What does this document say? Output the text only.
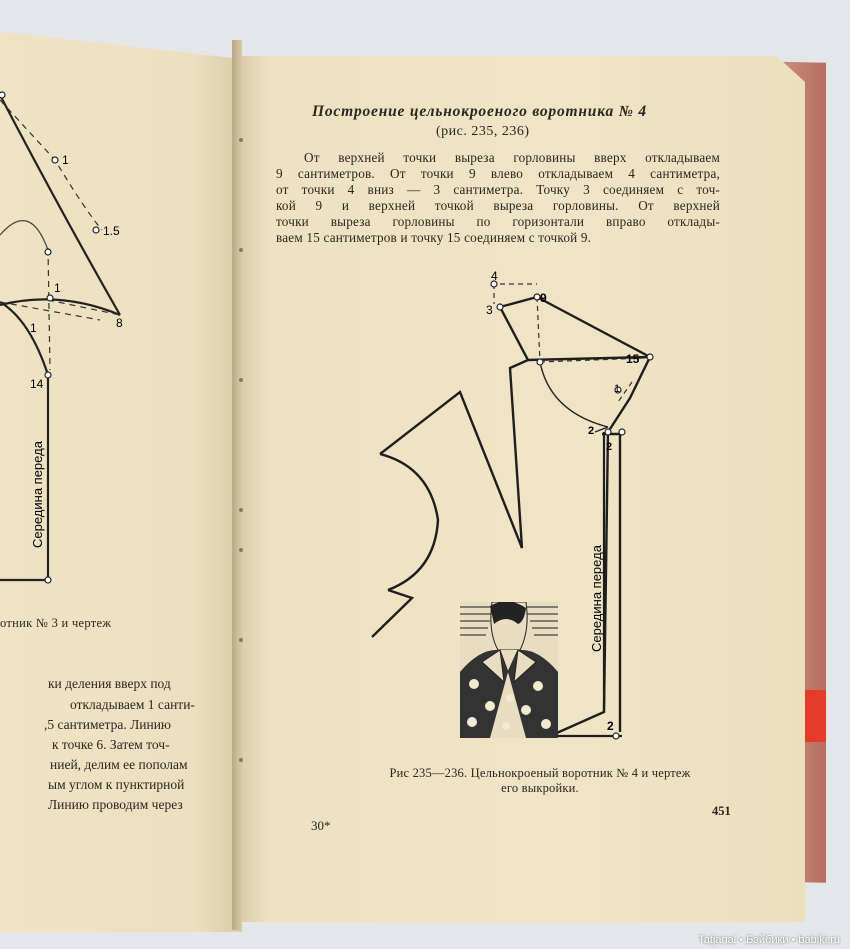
1
1.5
1
1
14
8
Середина переда
отник № 3 и чертеж
ки деления вверх под
откладываем 1 санти-
,5 сантиметра. Линию
к точке 6. Затем точ-
нией, делим ее пополам
ым углом к пунктирной
Линию проводим через
Построение цельнокроеного воротника № 4
(рис. 235, 236)
От верхней точки выреза горловины вверх откладываем
9 сантиметров. От точки 9 влево откладываем 4 сантиметра,
от точки 4 вниз — 3 сантиметра. Точку 3 соединяем с точ-
кой 9 и верхней точкой выреза горловины. От верхней
точки выреза горловины по горизонтали вправо отклады-
ваем 15 сантиметров и точку 15 соединяем с точкой 9.
4
9
3
15
1
2
2
2
Середина переда
Рис 235—236. Цельнокроеный воротник № 4 и чертеж
его выкройки.
30*
451
Tatjanal • Бэйбики • babiki.ru
